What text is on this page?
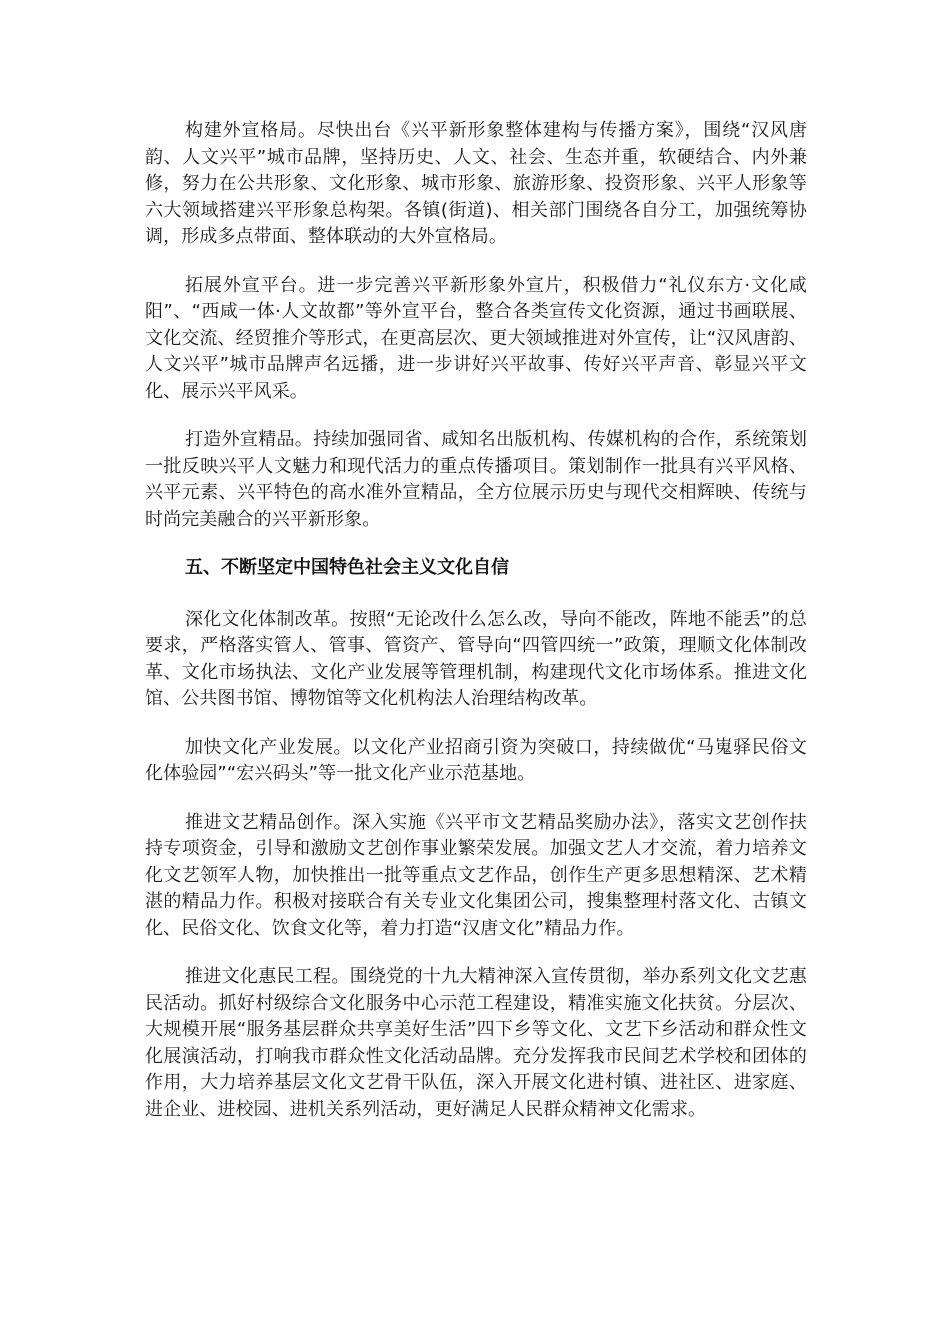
构建外宣格局。尽快出台《兴平新形象整体建构与传播方案》，围绕“汉风唐韵、人文兴平”城市品牌，坚持历史、人文、社会、生态并重，软硬结合、内外兼修，努力在公共形象、文化形象、城市形象、旅游形象、投资形象、兴平人形象等六大领域搭建兴平形象总构架。各镇(街道)、相关部门围绕各自分工，加强统筹协调，形成多点带面、整体联动的大外宣格局。

拓展外宣平台。进一步完善兴平新形象外宣片，积极借力“礼仪东方·文化咸阳”、“西咸一体·人文故都”等外宣平台，整合各类宣传文化资源，通过书画联展、文化交流、经贸推介等形式，在更高层次、更大领域推进对外宣传，让“汉风唐韵、人文兴平”城市品牌声名远播，进一步讲好兴平故事、传好兴平声音、彰显兴平文化、展示兴平风采。

打造外宣精品。持续加强同省、咸知名出版机构、传媒机构的合作，系统策划一批反映兴平人文魅力和现代活力的重点传播项目。策划制作一批具有兴平风格、兴平元素、兴平特色的高水准外宣精品，全方位展示历史与现代交相辉映、传统与时尚完美融合的兴平新形象。

五、不断坚定中国特色社会主义文化自信

深化文化体制改革。按照“无论改什么怎么改，导向不能改，阵地不能丢”的总要求，严格落实管人、管事、管资产、管导向“四管四统一”政策，理顺文化体制改革、文化市场执法、文化产业发展等管理机制，构建现代文化市场体系。推进文化馆、公共图书馆、博物馆等文化机构法人治理结构改革。

加快文化产业发展。以文化产业招商引资为突破口，持续做优“马嵬驿民俗文化体验园”“宏兴码头”等一批文化产业示范基地。

推进文艺精品创作。深入实施《兴平市文艺精品奖励办法》，落实文艺创作扶持专项资金，引导和激励文艺创作事业繁荣发展。加强文艺人才交流，着力培养文化文艺领军人物，加快推出一批等重点文艺作品，创作生产更多思想精深、艺术精湛的精品力作。积极对接联合有关专业文化集团公司，搜集整理村落文化、古镇文化、民俗文化、饮食文化等，着力打造“汉唐文化”精品力作。

推进文化惠民工程。围绕党的十九大精神深入宣传贯彻，举办系列文化文艺惠民活动。抓好村级综合文化服务中心示范工程建设，精准实施文化扶贫。分层次、大规模开展“服务基层群众共享美好生活”四下乡等文化、文艺下乡活动和群众性文化展演活动，打响我市群众性文化活动品牌。充分发挥我市民间艺术学校和团体的作用，大力培养基层文化文艺骨干队伍，深入开展文化进村镇、进社区、进家庭、进企业、进校园、进机关系列活动，更好满足人民群众精神文化需求。
